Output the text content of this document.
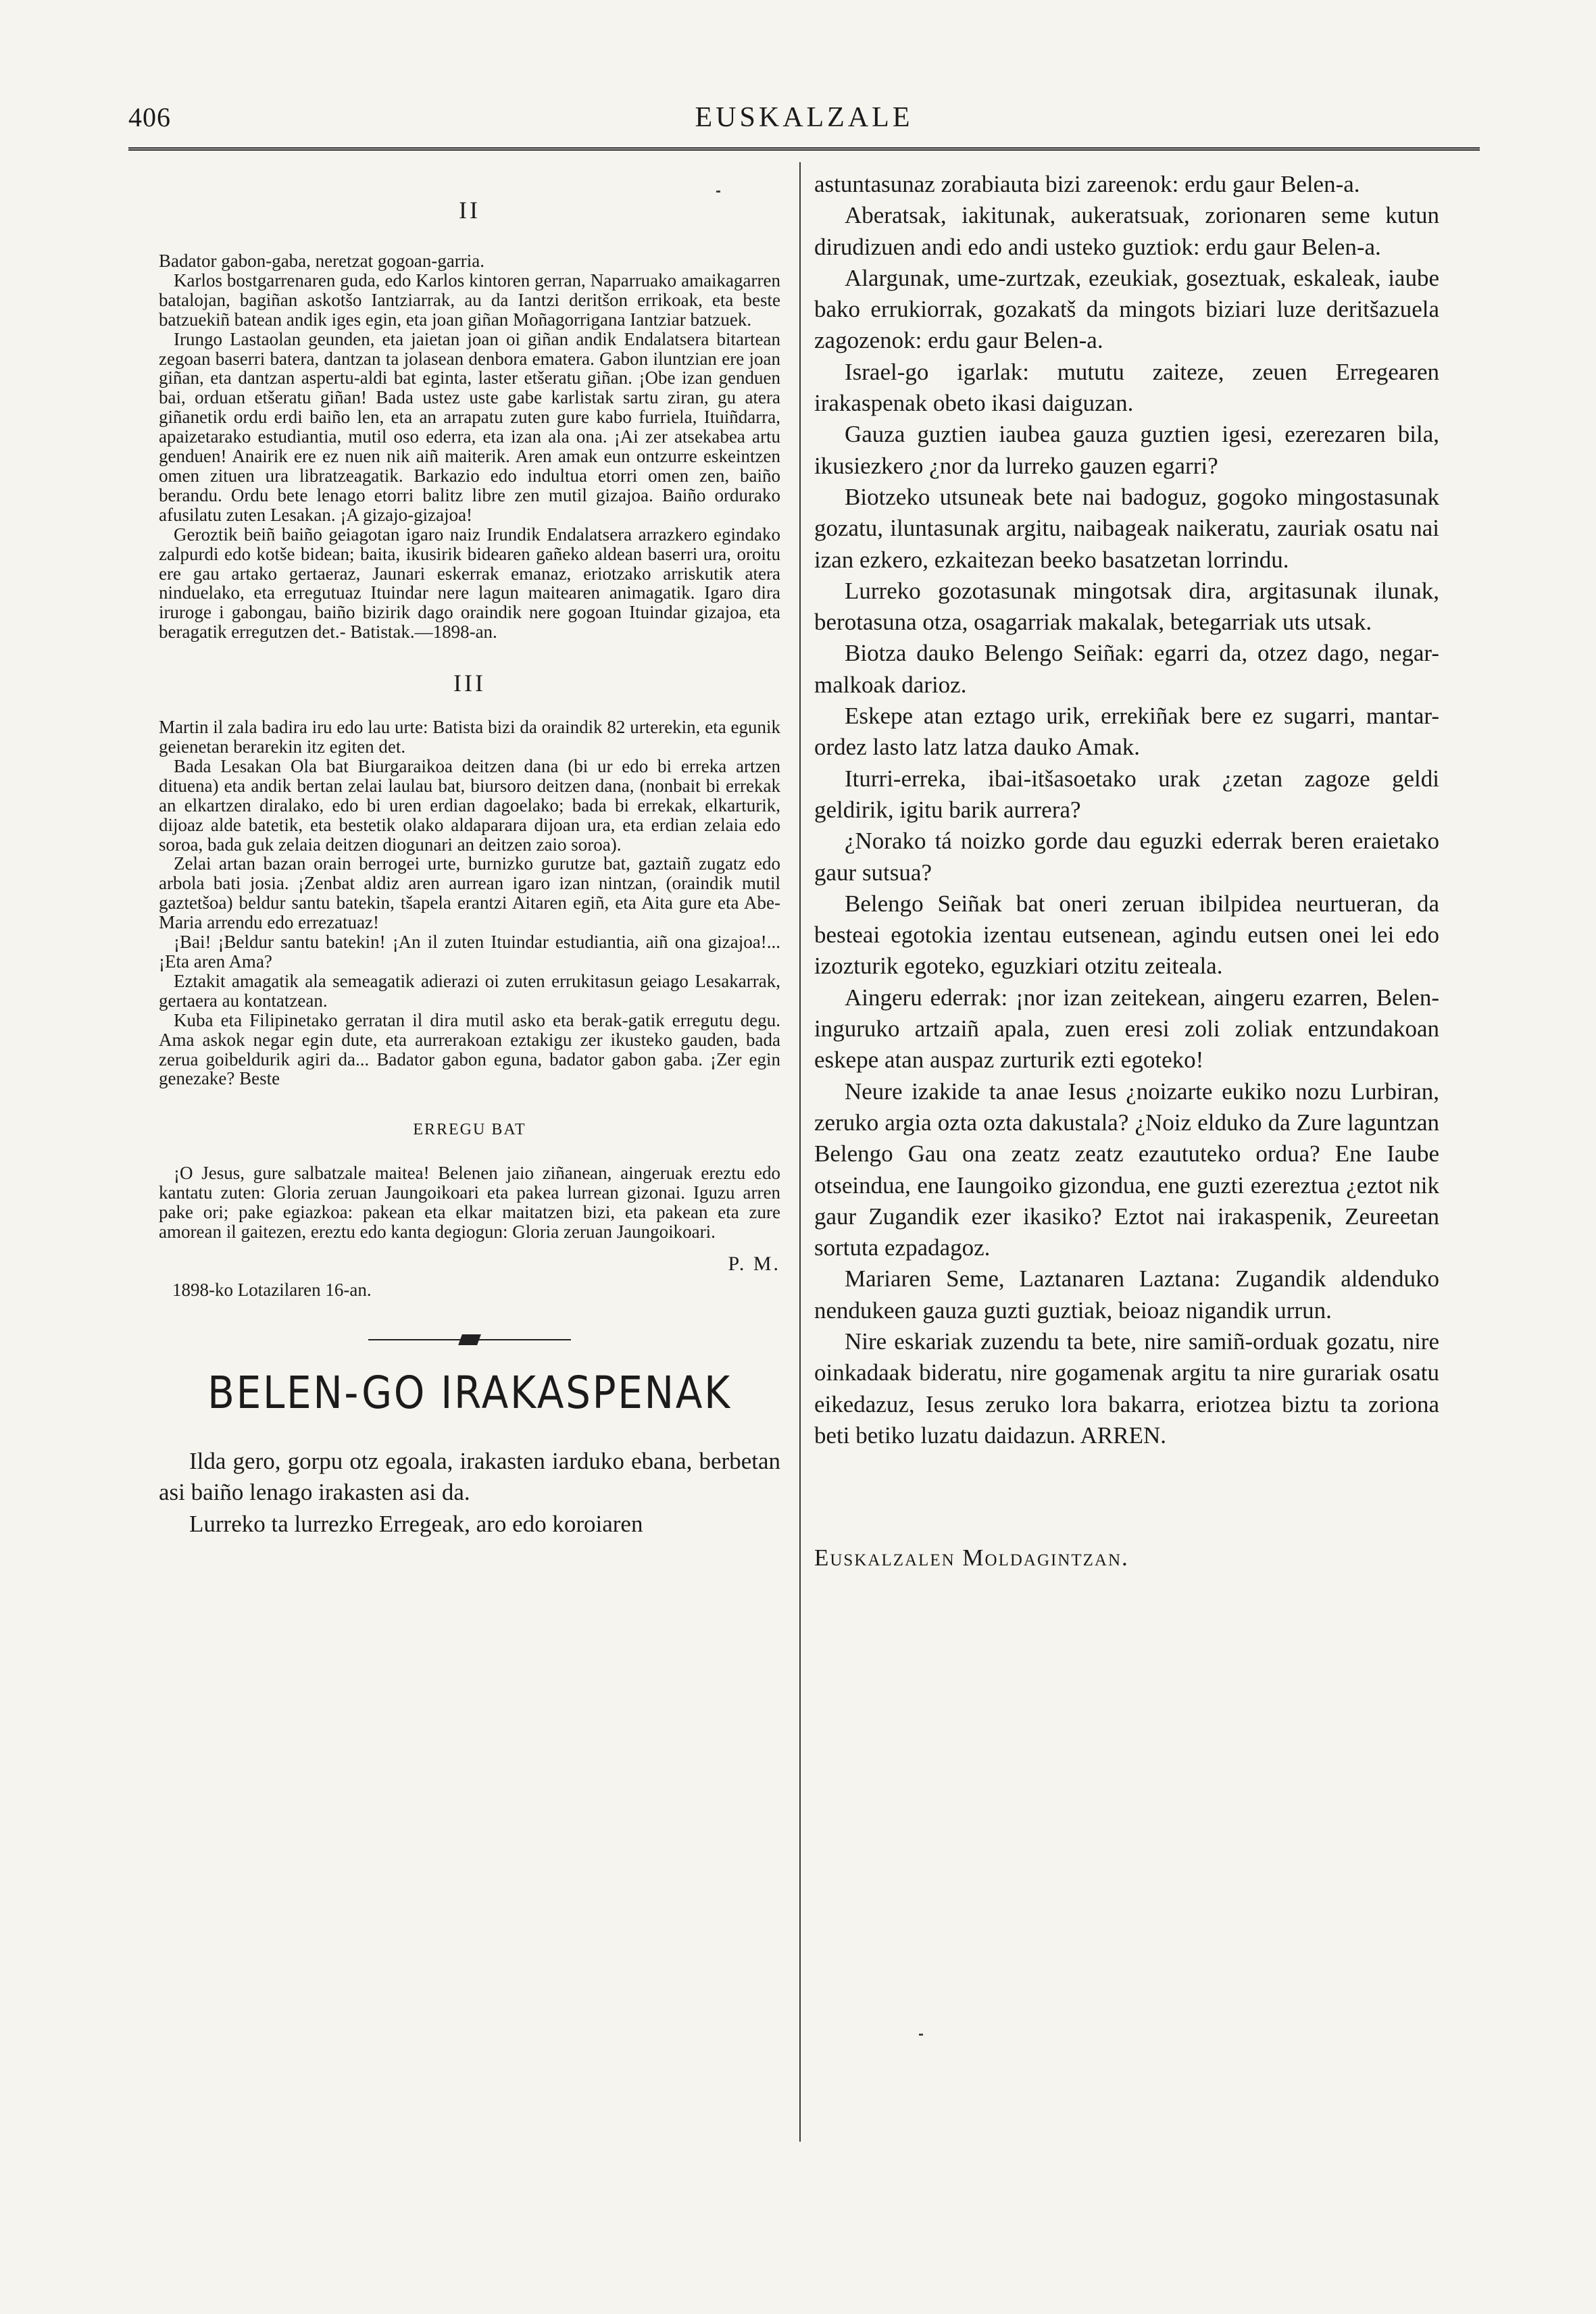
406	EUSKALZALE

II

Badator gabon-gaba, neretzat gogoan-garria.

Karlos bostgarrenaren guda, edo Karlos kintoren gerran, Naparruako amaikagarren batalojan, bagiñan askotšo Iantziarrak, au da Iantzi deritšon errikoak, eta beste batzuekiñ batean andik iges egin, eta joan giñan Moñagorrigana Iantziar batzuek.

Irungo Lastaolan geunden, eta jaietan joan oi giñan andik Endalatsera bitartean zegoan baserri batera, dantzan ta jolasean denbora ematera. Gabon iluntzian ere joan giñan, eta dantzan aspertu-aldi bat eginta, laster etšeratu giñan. ¡Obe izan genduen bai, orduan etšeratu giñan! Bada ustez uste gabe karlistak sartu ziran, gu atera giñanetik ordu erdi baiño len, eta an arrapatu zuten gure kabo furriela, Ituiñdarra, apaizetarako estudiantia, mutil oso ederra, eta izan ala ona. ¡Ai zer atsekabea artu genduen! Anairik ere ez nuen nik aiñ maiterik. Aren amak eun ontzurre eskeintzen omen zituen ura libratzeagatik. Barkazio edo indultua etorri omen zen, baiño berandu. Ordu bete lenago etorri balitz libre zen mutil gizajoa. Baiño ordurako afusilatu zuten Lesakan. ¡A gizajo-gizajoa!

Geroztik beiñ baiño geiagotan igaro naiz Irundik Endalatsera arrazkero egindako zalpurdi edo kotše bidean; baita, ikusirik bidearen gañeko aldean baserri ura, oroitu ere gau artako gertaeraz, Jaunari eskerrak emanaz, eriotzako arriskutik atera ninduelako, eta erregutuaz Ituindar nere lagun maitearen animagatik. Igaro dira iruroge i gabongau, baiño bizirik dago oraindik nere gogoan Ituindar gizajoa, eta beragatik erregutzen det.- Batistak.—1898-an.

III

Martin il zala badira iru edo lau urte: Batista bizi da oraindik 82 urterekin, eta egunik geienetan berarekin itz egiten det.

Bada Lesakan Ola bat Biurgaraikoa deitzen dana (bi ur edo bi erreka artzen dituena) eta andik bertan zelai laulau bat, biursoro deitzen dana, (nonbait bi errekak an elkartzen diralako, edo bi uren erdian dagoelako; bada bi errekak, elkarturik, dijoaz alde batetik, eta bestetik olako aldaparara dijoan ura, eta erdian zelaia edo soroa, bada guk zelaia deitzen diogunari an deitzen zaio soroa).

Zelai artan bazan orain berrogei urte, burnizko gurutze bat, gaztaiñ zugatz edo arbola bati josia. ¡Zenbat aldiz aren aurrean igaro izan nintzan, (oraindik mutil gaztetšoa) beldur santu batekin, tšapela erantzi Aitaren egiñ, eta Aita gure eta Abe-Maria arrendu edo errezatuaz!

¡Bai! ¡Beldur santu batekin! ¡An il zuten Ituindar estudiantia, aiñ ona gizajoa!... ¡Eta aren Ama?

Eztakit amagatik ala semeagatik adierazi oi zuten errukitasun geiago Lesakarrak, gertaera au kontatzean.

Kuba eta Filipinetako gerratan il dira mutil asko eta berak-gatik erregutu degu. Ama askok negar egin dute, eta aurrerakoan eztakigu zer ikusteko gauden, bada zerua goibeldurik agiri da... Badator gabon eguna, badator gabon gaba. ¡Zer egin genezake? Beste

ERREGU BAT

¡O Jesus, gure salbatzale maitea! Belenen jaio ziñanean, aingeruak ereztu edo kantatu zuten: Gloria zeruan Jaungoikoari eta pakea lurrean gizonai. Iguzu arren pake ori; pake egiazkoa: pakean eta elkar maitatzen bizi, eta pakean eta zure amorean il gaitezen, ereztu edo kanta degiogun: Gloria zeruan Jaungoikoari.

P. M.

1898-ko Lotazilaren 16-an.

BELEN-GO IRAKASPENAK

Ilda gero, gorpu otz egoala, irakasten iarduko ebana, berbetan asi baiño lenago irakasten asi da.

Lurreko ta lurrezko Erregeak, aro edo koroiaren

astuntasunaz zorabiauta bizi zareenok: erdu gaur Belen-a.

Aberatsak, iakitunak, aukeratsuak, zorionaren seme kutun dirudizuen andi edo andi usteko guztiok: erdu gaur Belen-a.

Alargunak, ume-zurtzak, ezeukiak, goseztuak, eskaleak, iaube bako errukiorrak, gozakatš da mingots biziari luze deritšazuela zagozenok: erdu gaur Belen-a.

Israel-go igarlak: mututu zaitezе, zeuen Erregearen irakaspenak obeto ikasi daiguzan.

Gauza guztien iaubea gauza guztien igesi, ezerezaren bila, ikusiezkero ¿nor da lurreko gauzen egarri?

Biotzeko utsuneak bete nai badoguz, gogoko mingostasunak gozatu, iluntasunak argitu, naibageak naikeratu, zauriak osatu nai izan ezkero, ezkaitezan beeko basatzetan lorrindu.

Lurreko gozotasunak mingotsak dira, argitasunak ilunak, berotasuna otza, osagarriak makalak, betegarriak uts utsak.

Biotza dauko Belengo Seiñak: egarri da, otzez dago, negar-malkoak darioz.

Eskepe atan eztago urik, errekiñak bere ez sugarri, mantar-ordez lasto latz latza dauko Amak.

Iturri-erreka, ibai-itšasoetako urak ¿zetan zagoze geldi geldirik, igitu barik aurrera?

¿Norako tá noizko gorde dau eguzki ederrak beren eraietako gaur sutsua?

Belengo Seiñak bat oneri zeruan ibilpidea neurtueran, da besteai egotokia izentau eutsenean, agindu eutsen onei lei edo izozturik egoteko, eguzkiari otzitu zeiteala.

Aingeru ederrak: ¡nor izan zeitekean, aingeru ezarren, Belen-inguruko artzaiñ apala, zuen eresi zoli zoliak entzundakoan eskepe atan auspaz zurturik ezti egoteko!

Neure izakide ta anae Iesus ¿noizarte eukiko nozu Lurbiran, zeruko argia ozta ozta dakustala? ¿Noiz elduko da Zure laguntzan Belengo Gau ona zeatz zeatz ezaututeko ordua? Ene Iaube otseindua, ene Iaungoiko gizondua, ene guzti ezereztua ¿eztot nik gaur Zugandik ezer ikasiko? Eztot nai irakaspenik, Zeureetan sortuta ezpadagoz.

Mariaren Seme, Laztanaren Laztana: Zugandik aldenduko nendukeen gauza guzti guztiak, beioaz nigandik urrun.

Nire eskariak zuzendu ta bete, nire samiñ-orduak gozatu, nire oinkadaak bideratu, nire gogamenak argitu ta nire gurariak osatu eikedazuz, Iesus zeruko lora bakarra, eriotzea biztu ta zoriona beti betiko luzatu daidazun. ARREN.

Euskalzalen Moldagintzan.
